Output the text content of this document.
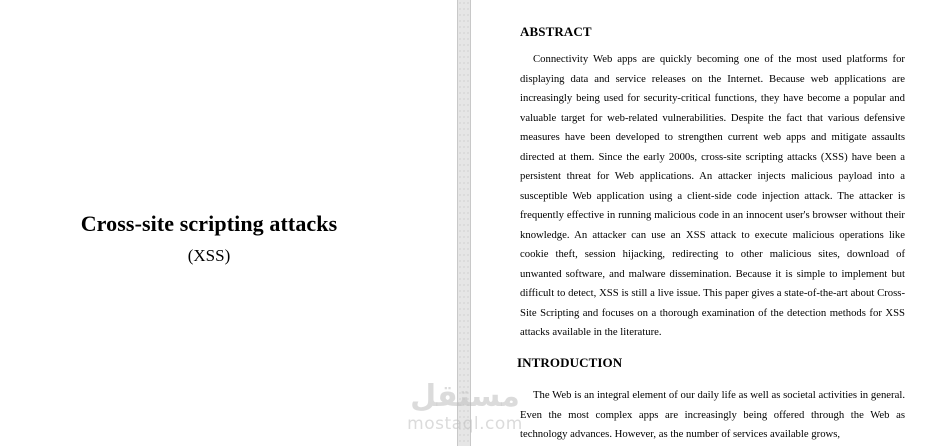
Cross-site scripting attacks
(XSS)
ABSTRACT
Connectivity Web apps are quickly becoming one of the most used platforms for displaying data and service releases on the Internet. Because web applications are increasingly being used for security-critical functions, they have become a popular and valuable target for web-related vulnerabilities. Despite the fact that various defensive measures have been developed to strengthen current web apps and mitigate assaults directed at them. Since the early 2000s, cross-site scripting attacks (XSS) have been a persistent threat for Web applications. An attacker injects malicious payload into a susceptible Web application using a client-side code injection attack. The attacker is frequently effective in running malicious code in an innocent user's browser without their knowledge. An attacker can use an XSS attack to execute malicious operations like cookie theft, session hijacking, redirecting to other malicious sites, download of unwanted software, and malware dissemination. Because it is simple to implement but difficult to detect, XSS is still a live issue. This paper gives a state-of-the-art about Cross-Site Scripting and focuses on a thorough examination of the detection methods for XSS attacks available in the literature.
INTRODUCTION
The Web is an integral element of our daily life as well as societal activities in general. Even the most complex apps are increasingly being offered through the Web as technology advances. However, as the number of services available grows,
مستقل
mostaql.com
